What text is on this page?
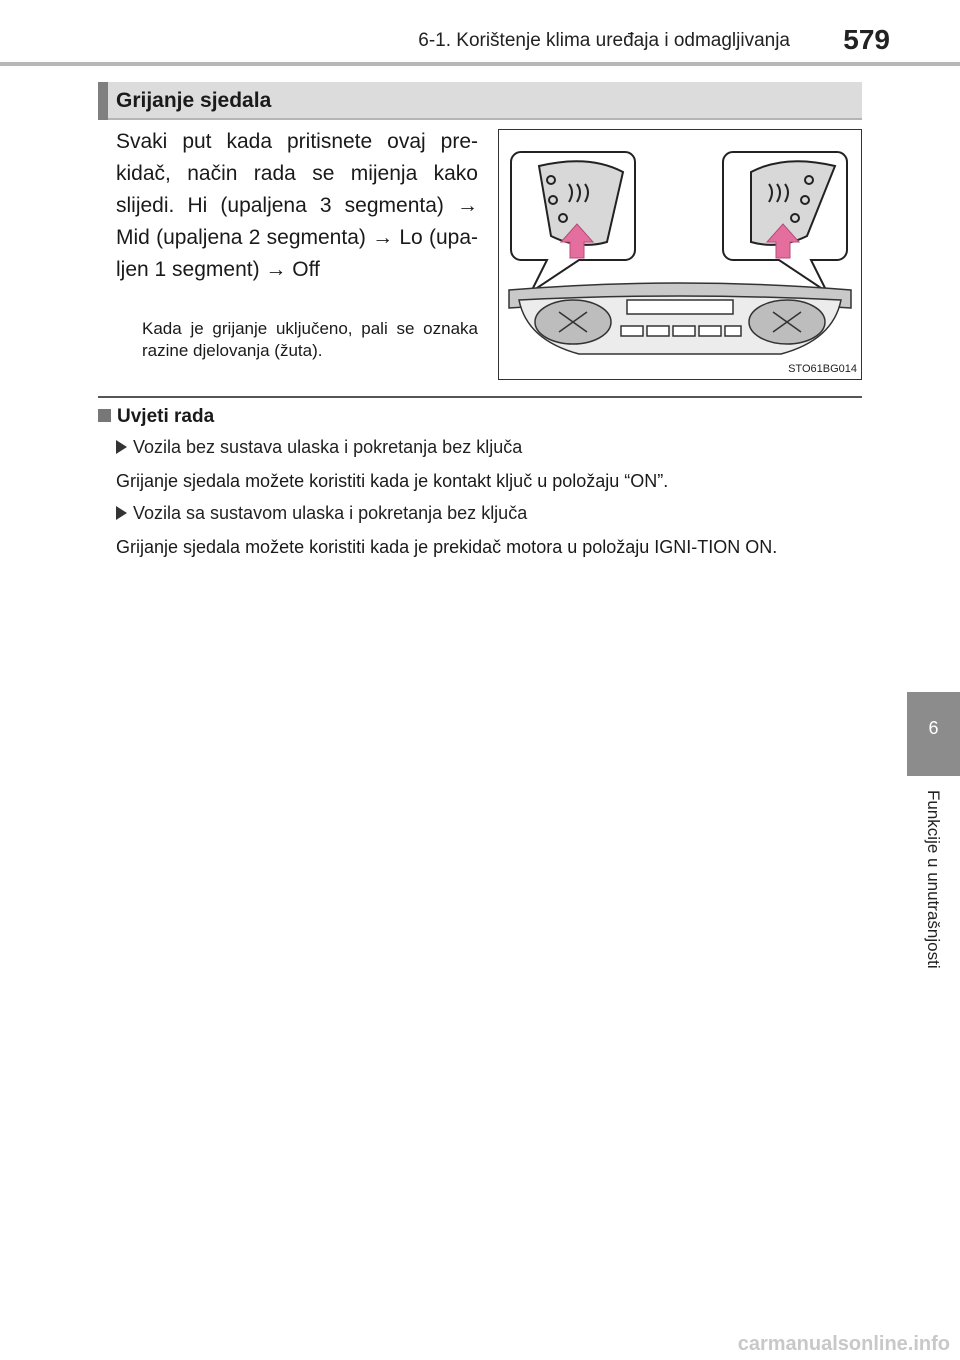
6-1. Korištenje klima uređaja i odmagljivanja 579
Grijanje sjedala

Svaki put kada pritisnete ovaj pre-kidač, način rada se mijenja kako slijedi. Hi (upaljena 3 segmenta) → Mid (upaljena 2 segmenta) → Lo (upa-ljen 1 segment) → Off

Kada je grijanje uključeno, pali se oznaka razine djelovanja (žuta).

STO61BG014
Uvjeti rada
Vozila bez sustava ulaska i pokretanja bez ključa

Grijanje sjedala možete koristiti kada je kontakt ključ u položaju “ON”.

Vozila sa sustavom ulaska i pokretanja bez ključa

Grijanje sjedala možete koristiti kada je prekidač motora u položaju IGNI-TION ON.

6
Funkcije u unutrašnjosti
carmanualsonline.info
